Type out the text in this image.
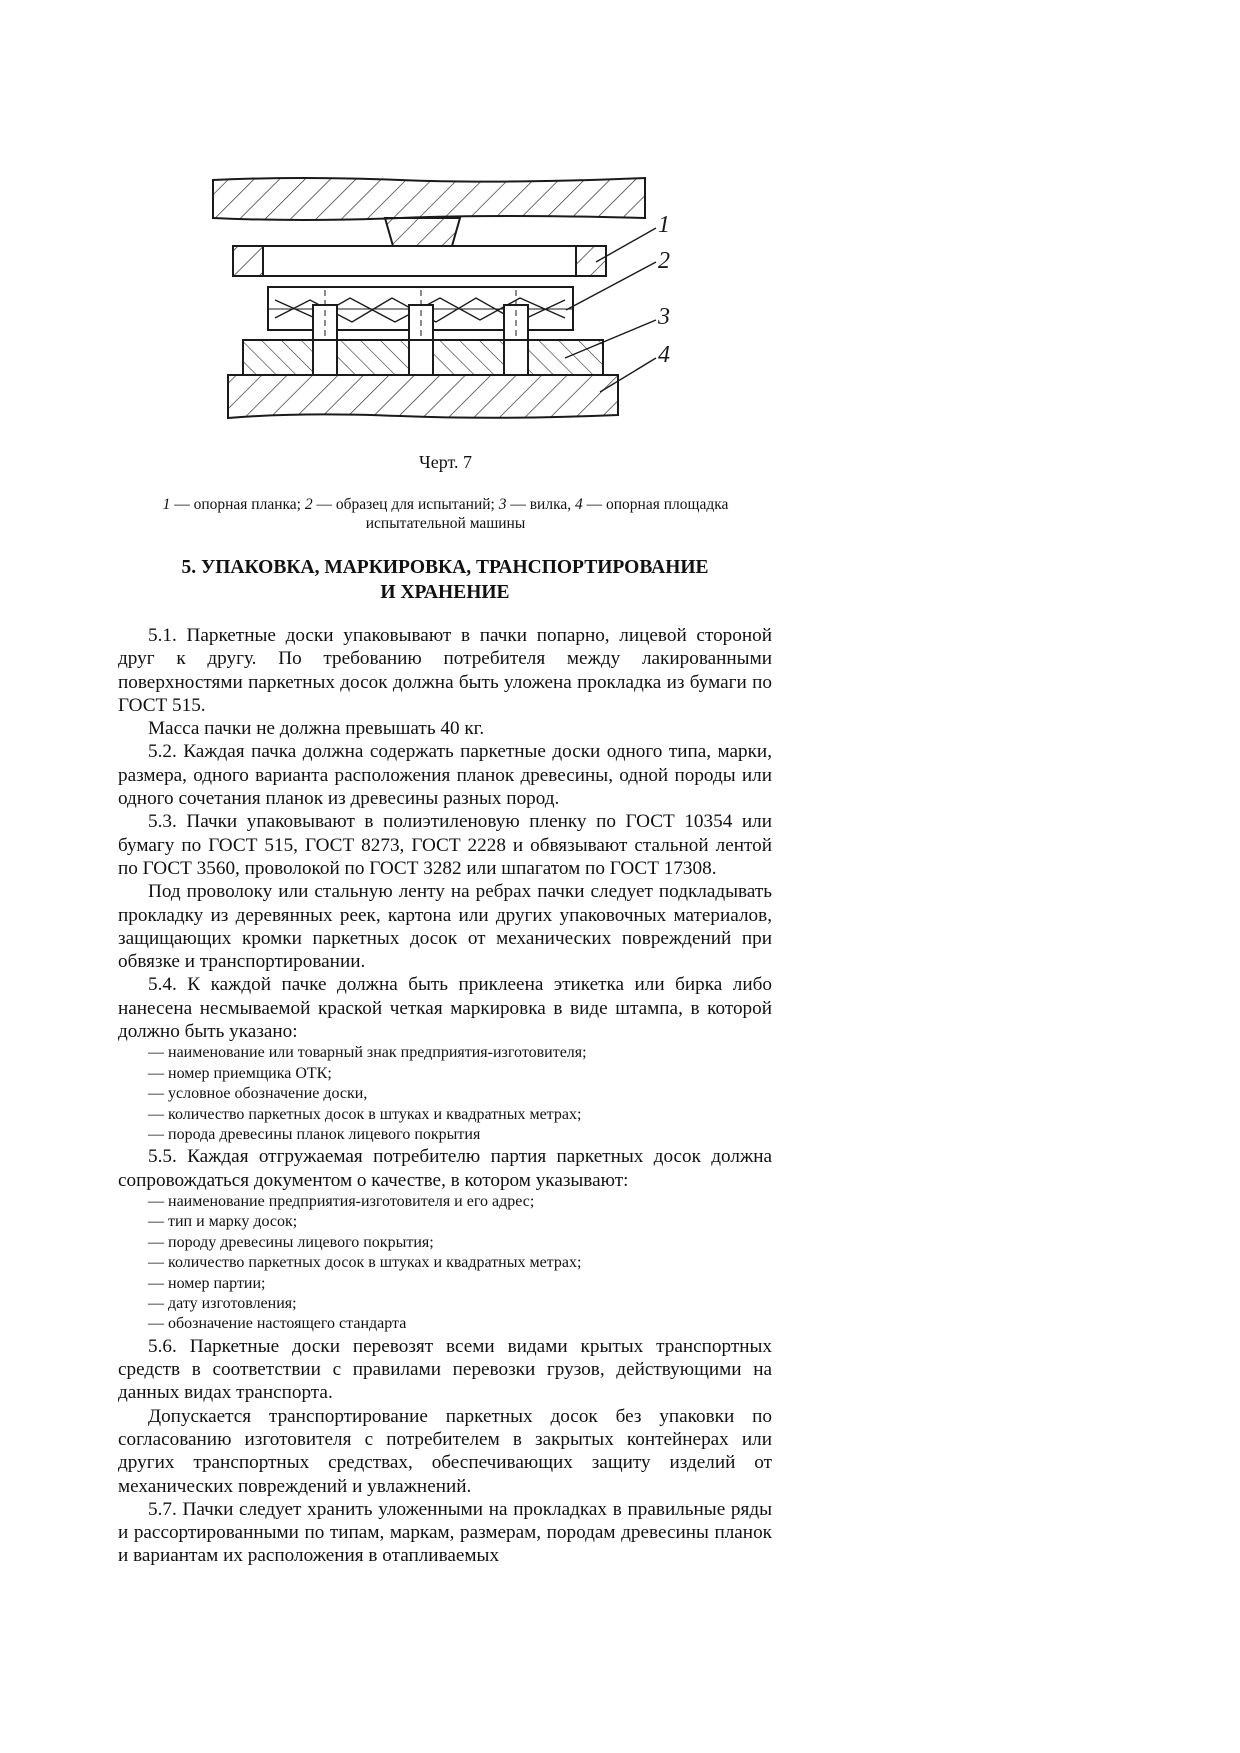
1
2
3
4
Черт. 7
1 — опорная планка; 2 — образец для испытаний; 3 — вилка, 4 — опорная площадка испытательной машины
5. УПАКОВКА, МАРКИРОВКА, ТРАНСПОРТИРОВАНИЕ
И ХРАНЕНИЕ

5.1. Паркетные доски упаковывают в пачки попарно, лицевой стороной друг к другу. По требованию потребителя между лакированными поверхностями паркетных досок должна быть уложена прокладка из бумаги по ГОСТ 515.

Масса пачки не должна превышать 40 кг.

5.2. Каждая пачка должна содержать паркетные доски одного типа, марки, размера, одного варианта расположения планок древесины, одной породы или одного сочетания планок из древесины разных пород.

5.3. Пачки упаковывают в полиэтиленовую пленку по ГОСТ 10354 или бумагу по ГОСТ 515, ГОСТ 8273, ГОСТ 2228 и обвязывают стальной лентой по ГОСТ 3560, проволокой по ГОСТ 3282 или шпагатом по ГОСТ 17308.

Под проволоку или стальную ленту на ребрах пачки следует подкладывать прокладку из деревянных реек, картона или других упаковочных материалов, защищающих кромки паркетных досок от механических повреждений при обвязке и транспортировании.

5.4. К каждой пачке должна быть приклеена этикетка или бирка либо нанесена несмываемой краской четкая маркировка в виде штампа, в которой должно быть указано:

— наименование или товарный знак предприятия-изготовителя;
— номер приемщика ОТК;
— условное обозначение доски,
— количество паркетных досок в штуках и квадратных метрах;
— порода древесины планок лицевого покрытия

5.5. Каждая отгружаемая потребителю партия паркетных досок должна сопровождаться документом о качестве, в котором указывают:

— наименование предприятия-изготовителя и его адрес;
— тип и марку досок;
— породу древесины лицевого покрытия;
— количество паркетных досок в штуках и квадратных метрах;
— номер партии;
— дату изготовления;
— обозначение настоящего стандарта

5.6. Паркетные доски перевозят всеми видами крытых транспортных средств в соответствии с правилами перевозки грузов, действующими на данных видах транспорта.

Допускается транспортирование паркетных досок без упаковки по согласованию изготовителя с потребителем в закрытых контейнерах или других транспортных средствах, обеспечивающих защиту изделий от механических повреждений и увлажнений.

5.7. Пачки следует хранить уложенными на прокладках в правильные ряды и рассортированными по типам, маркам, размерам, породам древесины планок и вариантам их расположения в отапливаемых
